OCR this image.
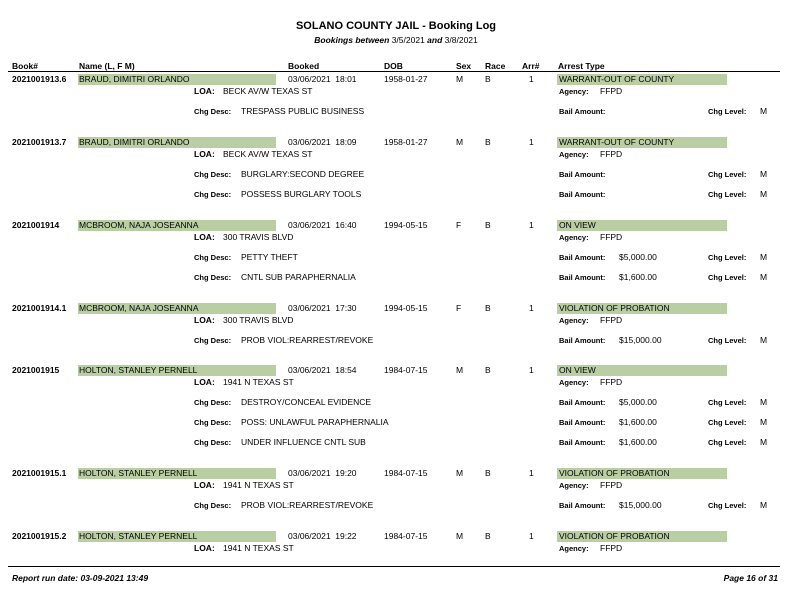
SOLANO COUNTY JAIL - Booking Log
Bookings between 3/5/2021 and 3/8/2021
Book#	Name (L, F M)	Booked	DOB	Sex Race Arr# Arrest Type
2021001913.6 BRAUD, DIMITRI ORLANDO	03/06/2021  18:01	1958-01-27	M	B	1	WARRANT-OUT OF COUNTY
LOA: BECK AV/W TEXAS ST	Agency: FFPD
Chg Desc: TRESPASS PUBLIC BUSINESS	Bail Amount:	Chg Level: M
2021001913.7 BRAUD, DIMITRI ORLANDO	03/06/2021  18:09	1958-01-27	M	B	1	WARRANT-OUT OF COUNTY
LOA: BECK AV/W TEXAS ST	Agency: FFPD
Chg Desc: BURGLARY:SECOND DEGREE	Bail Amount:	Chg Level: M
Chg Desc: POSSESS BURGLARY TOOLS	Bail Amount:	Chg Level: M
2021001914 MCBROOM, NAJA JOSEANNA	03/06/2021  16:40	1994-05-15	F	B	1	ON VIEW
LOA: 300 TRAVIS BLVD	Agency: FFPD
Chg Desc: PETTY THEFT	Bail Amount: $5,000.00	Chg Level: M
Chg Desc: CNTL SUB PARAPHERNALIA	Bail Amount: $1,600.00	Chg Level: M
2021001914.1 MCBROOM, NAJA JOSEANNA	03/06/2021  17:30	1994-05-15	F	B	1	VIOLATION OF PROBATION
LOA: 300 TRAVIS BLVD	Agency: FFPD
Chg Desc: PROB VIOL:REARREST/REVOKE	Bail Amount: $15,000.00	Chg Level: M
2021001915 HOLTON, STANLEY PERNELL	03/06/2021  18:54	1984-07-15	M	B	1	ON VIEW
LOA: 1941 N TEXAS ST	Agency: FFPD
Chg Desc: DESTROY/CONCEAL EVIDENCE	Bail Amount: $5,000.00	Chg Level: M
Chg Desc: POSS: UNLAWFUL PARAPHERNALIA	Bail Amount: $1,600.00	Chg Level: M
Chg Desc: UNDER INFLUENCE CNTL SUB	Bail Amount: $1,600.00	Chg Level: M
2021001915.1 HOLTON, STANLEY PERNELL	03/06/2021  19:20	1984-07-15	M	B	1	VIOLATION OF PROBATION
LOA: 1941 N TEXAS ST	Agency: FFPD
Chg Desc: PROB VIOL:REARREST/REVOKE	Bail Amount: $15,000.00	Chg Level: M
2021001915.2 HOLTON, STANLEY PERNELL	03/06/2021  19:22	1984-07-15	M	B	1	VIOLATION OF PROBATION
LOA: 1941 N TEXAS ST	Agency: FFPD
Report run date: 03-09-2021 13:49	Page 16 of 31
